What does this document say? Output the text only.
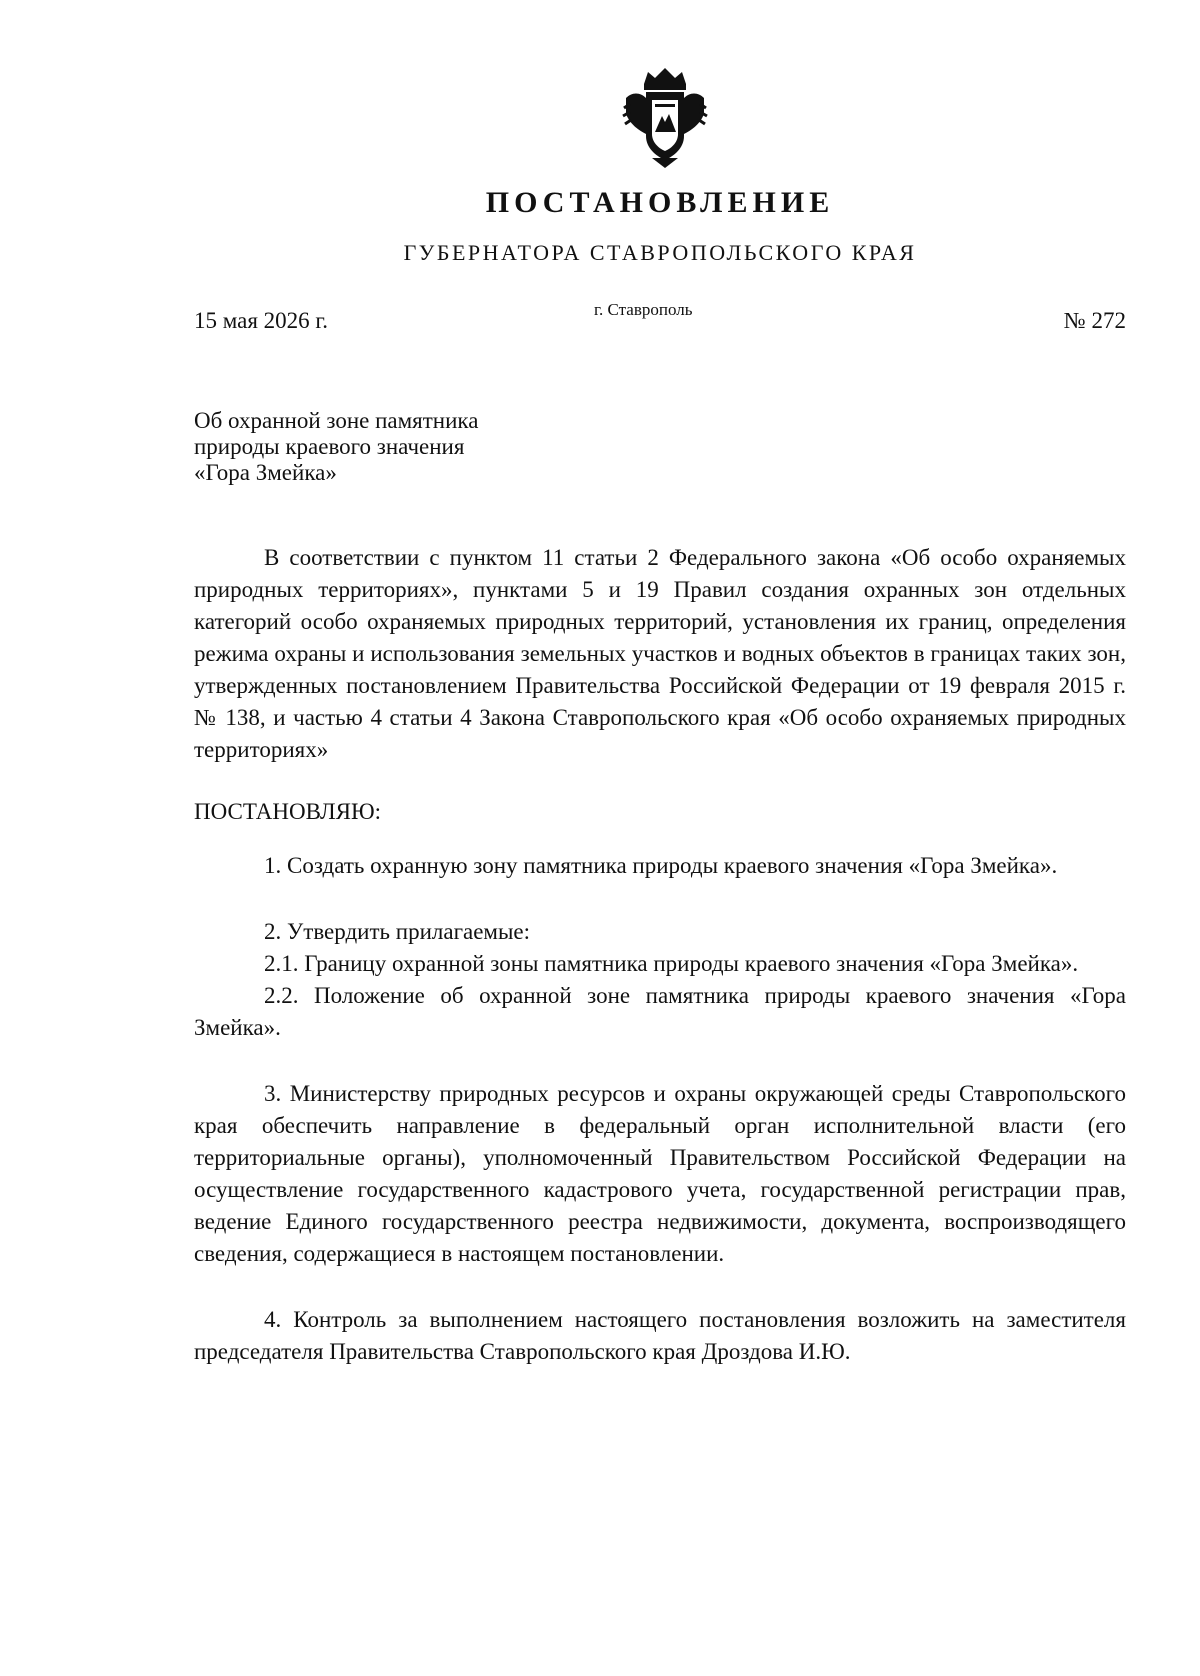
ПОСТАНОВЛЕНИЕ
ГУБЕРНАТОРА СТАВРОПОЛЬСКОГО КРАЯ
15 мая 2026 г.	г. Ставрополь	№ 272
Об охранной зоне памятника
природы краевого значения
«Гора Змейка»

В соответствии с пунктом 11 статьи 2 Федерального закона «Об особо охраняемых природных территориях», пунктами 5 и 19 Правил создания охранных зон отдельных категорий особо охраняемых природных территорий, установления их границ, определения режима охраны и использования земельных участков и водных объектов в границах таких зон, утвержденных постановлением Правительства Российской Федерации от 19 февраля 2015 г. № 138, и частью 4 статьи 4 Закона Ставропольского края «Об особо охраняемых природных территориях»

ПОСТАНОВЛЯЮ:

1. Создать охранную зону памятника природы краевого значения «Гора Змейка».

2. Утвердить прилагаемые:

2.1. Границу охранной зоны памятника природы краевого значения «Гора Змейка».

2.2. Положение об охранной зоне памятника природы краевого значения «Гора Змейка».

3. Министерству природных ресурсов и охраны окружающей среды Ставропольского края обеспечить направление в федеральный орган исполнительной власти (его территориальные органы), уполномоченный Правительством Российской Федерации на осуществление государственного кадастрового учета, государственной регистрации прав, ведение Единого государственного реестра недвижимости, документа, воспроизводящего сведения, содержащиеся в настоящем постановлении.

4. Контроль за выполнением настоящего постановления возложить на заместителя председателя Правительства Ставропольского края Дроздова И.Ю.
